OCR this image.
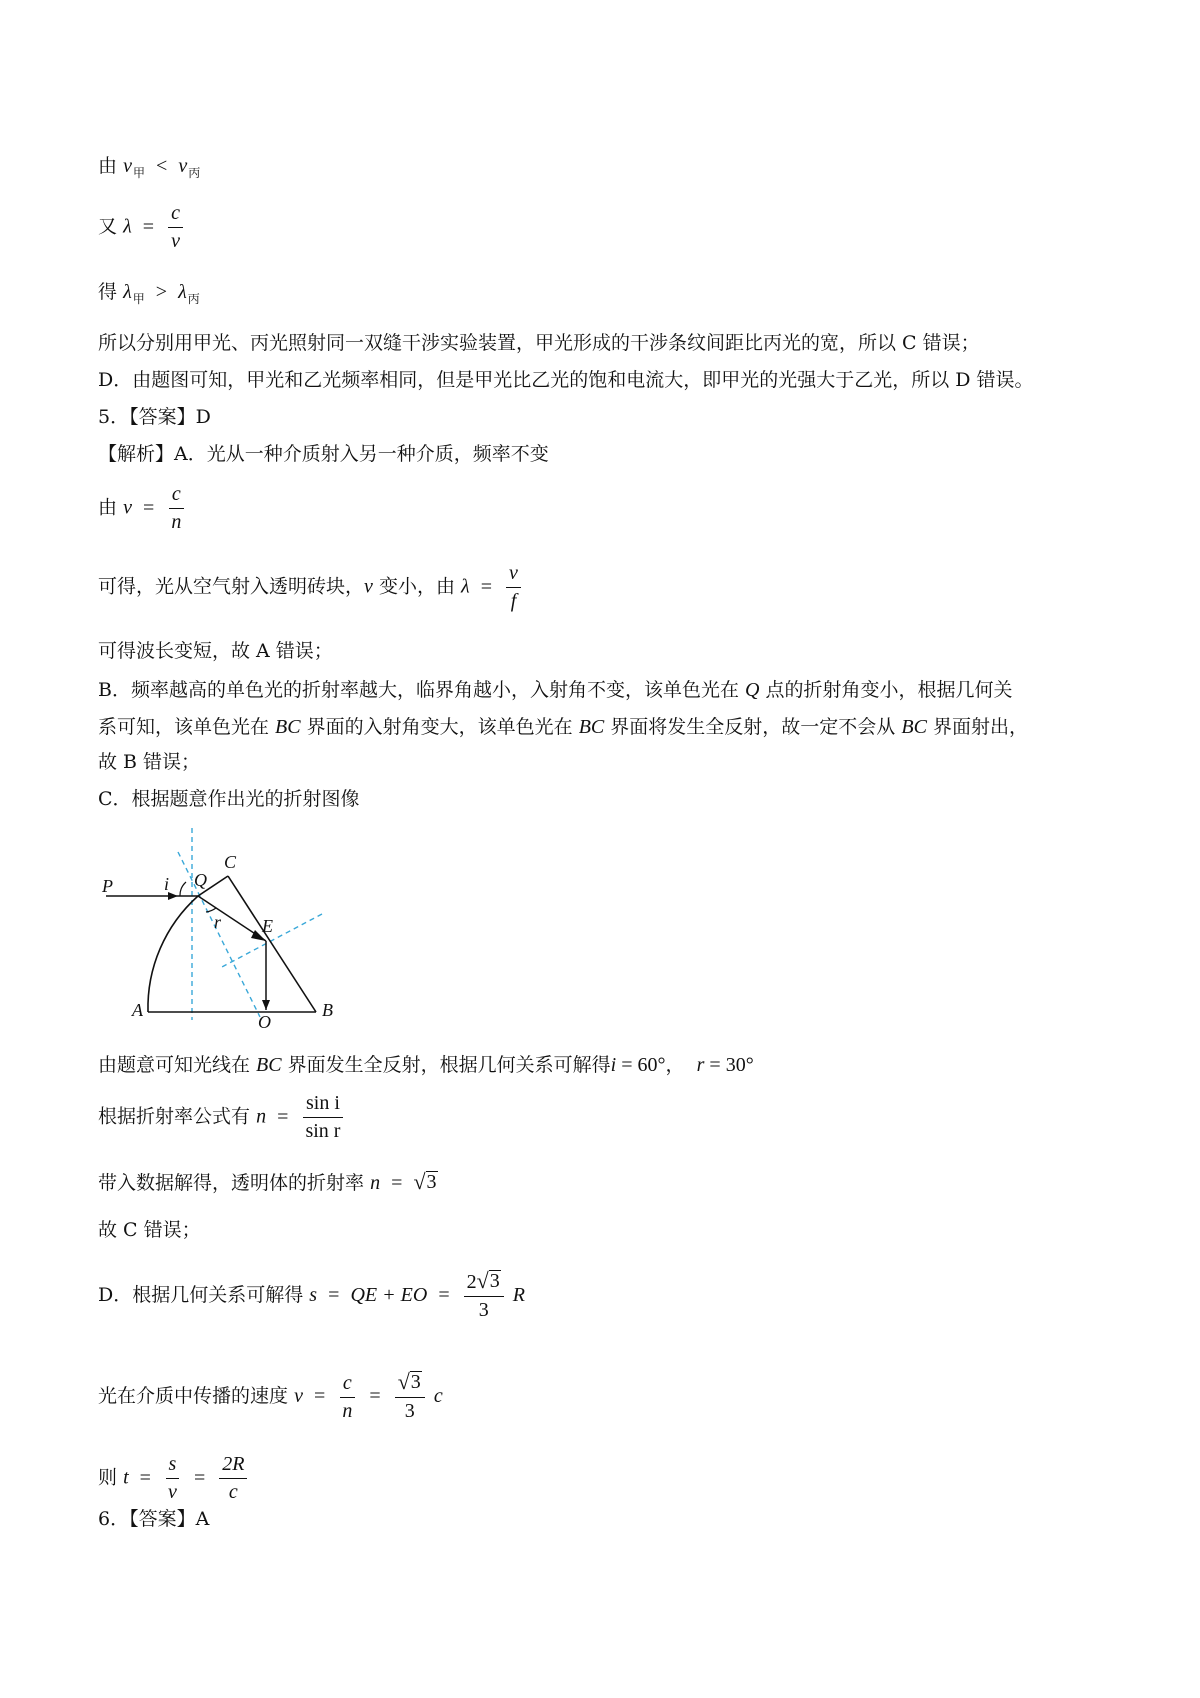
由 $v_甲 < v_丙$
又 $\lambda = \frac{c}{v}$
得 $\lambda_甲 > \lambda_丙$
所以分别用甲光、丙光照射同一双缝干涉实验装置，甲光形成的干涉条纹间距比丙光的宽，所以 C 错误；
D．由题图可知，甲光和乙光频率相同，但是甲光比乙光的饱和电流大，即甲光的光强大于乙光，所以 D 错误。
5．【答案】D
【解析】A．光从一种介质射入另一种介质，频率不变
由 $v = \frac{c}{n}$
可得，光从空气射入透明砖块，v 变小，由 $\lambda = \frac{v}{f}$
可得波长变短，故 A 错误；
B．频率越高的单色光的折射率越大，临界角越小，入射角不变，该单色光在 Q 点的折射角变小，根据几何关
系可知，该单色光在 BC 界面的入射角变大，该单色光在 BC 界面将发生全反射，故一定不会从 BC 界面射出，
故 B 错误；
C．根据题意作出光的折射图像
P	i Q
C
r E
A
O
B
由题意可知光线在 BC 界面发生全反射，根据几何关系可解得i = 60°， r = 30°
根据折射率公式有 $n = \frac{\text{sin i}}{\text{sin r}}$
带入数据解得，透明体的折射率 n = √ 3
故 C 错误；
D．根据几何关系可解得 s = QE + EO = $\frac{2 √ 3}{3}$ R
光在介质中传播的速度 $v = \frac{c}{n} = \frac{√ 3}{3}$ c
则 $t = \frac{s}{v} = \frac{2R}{c}$
6．【答案】A
